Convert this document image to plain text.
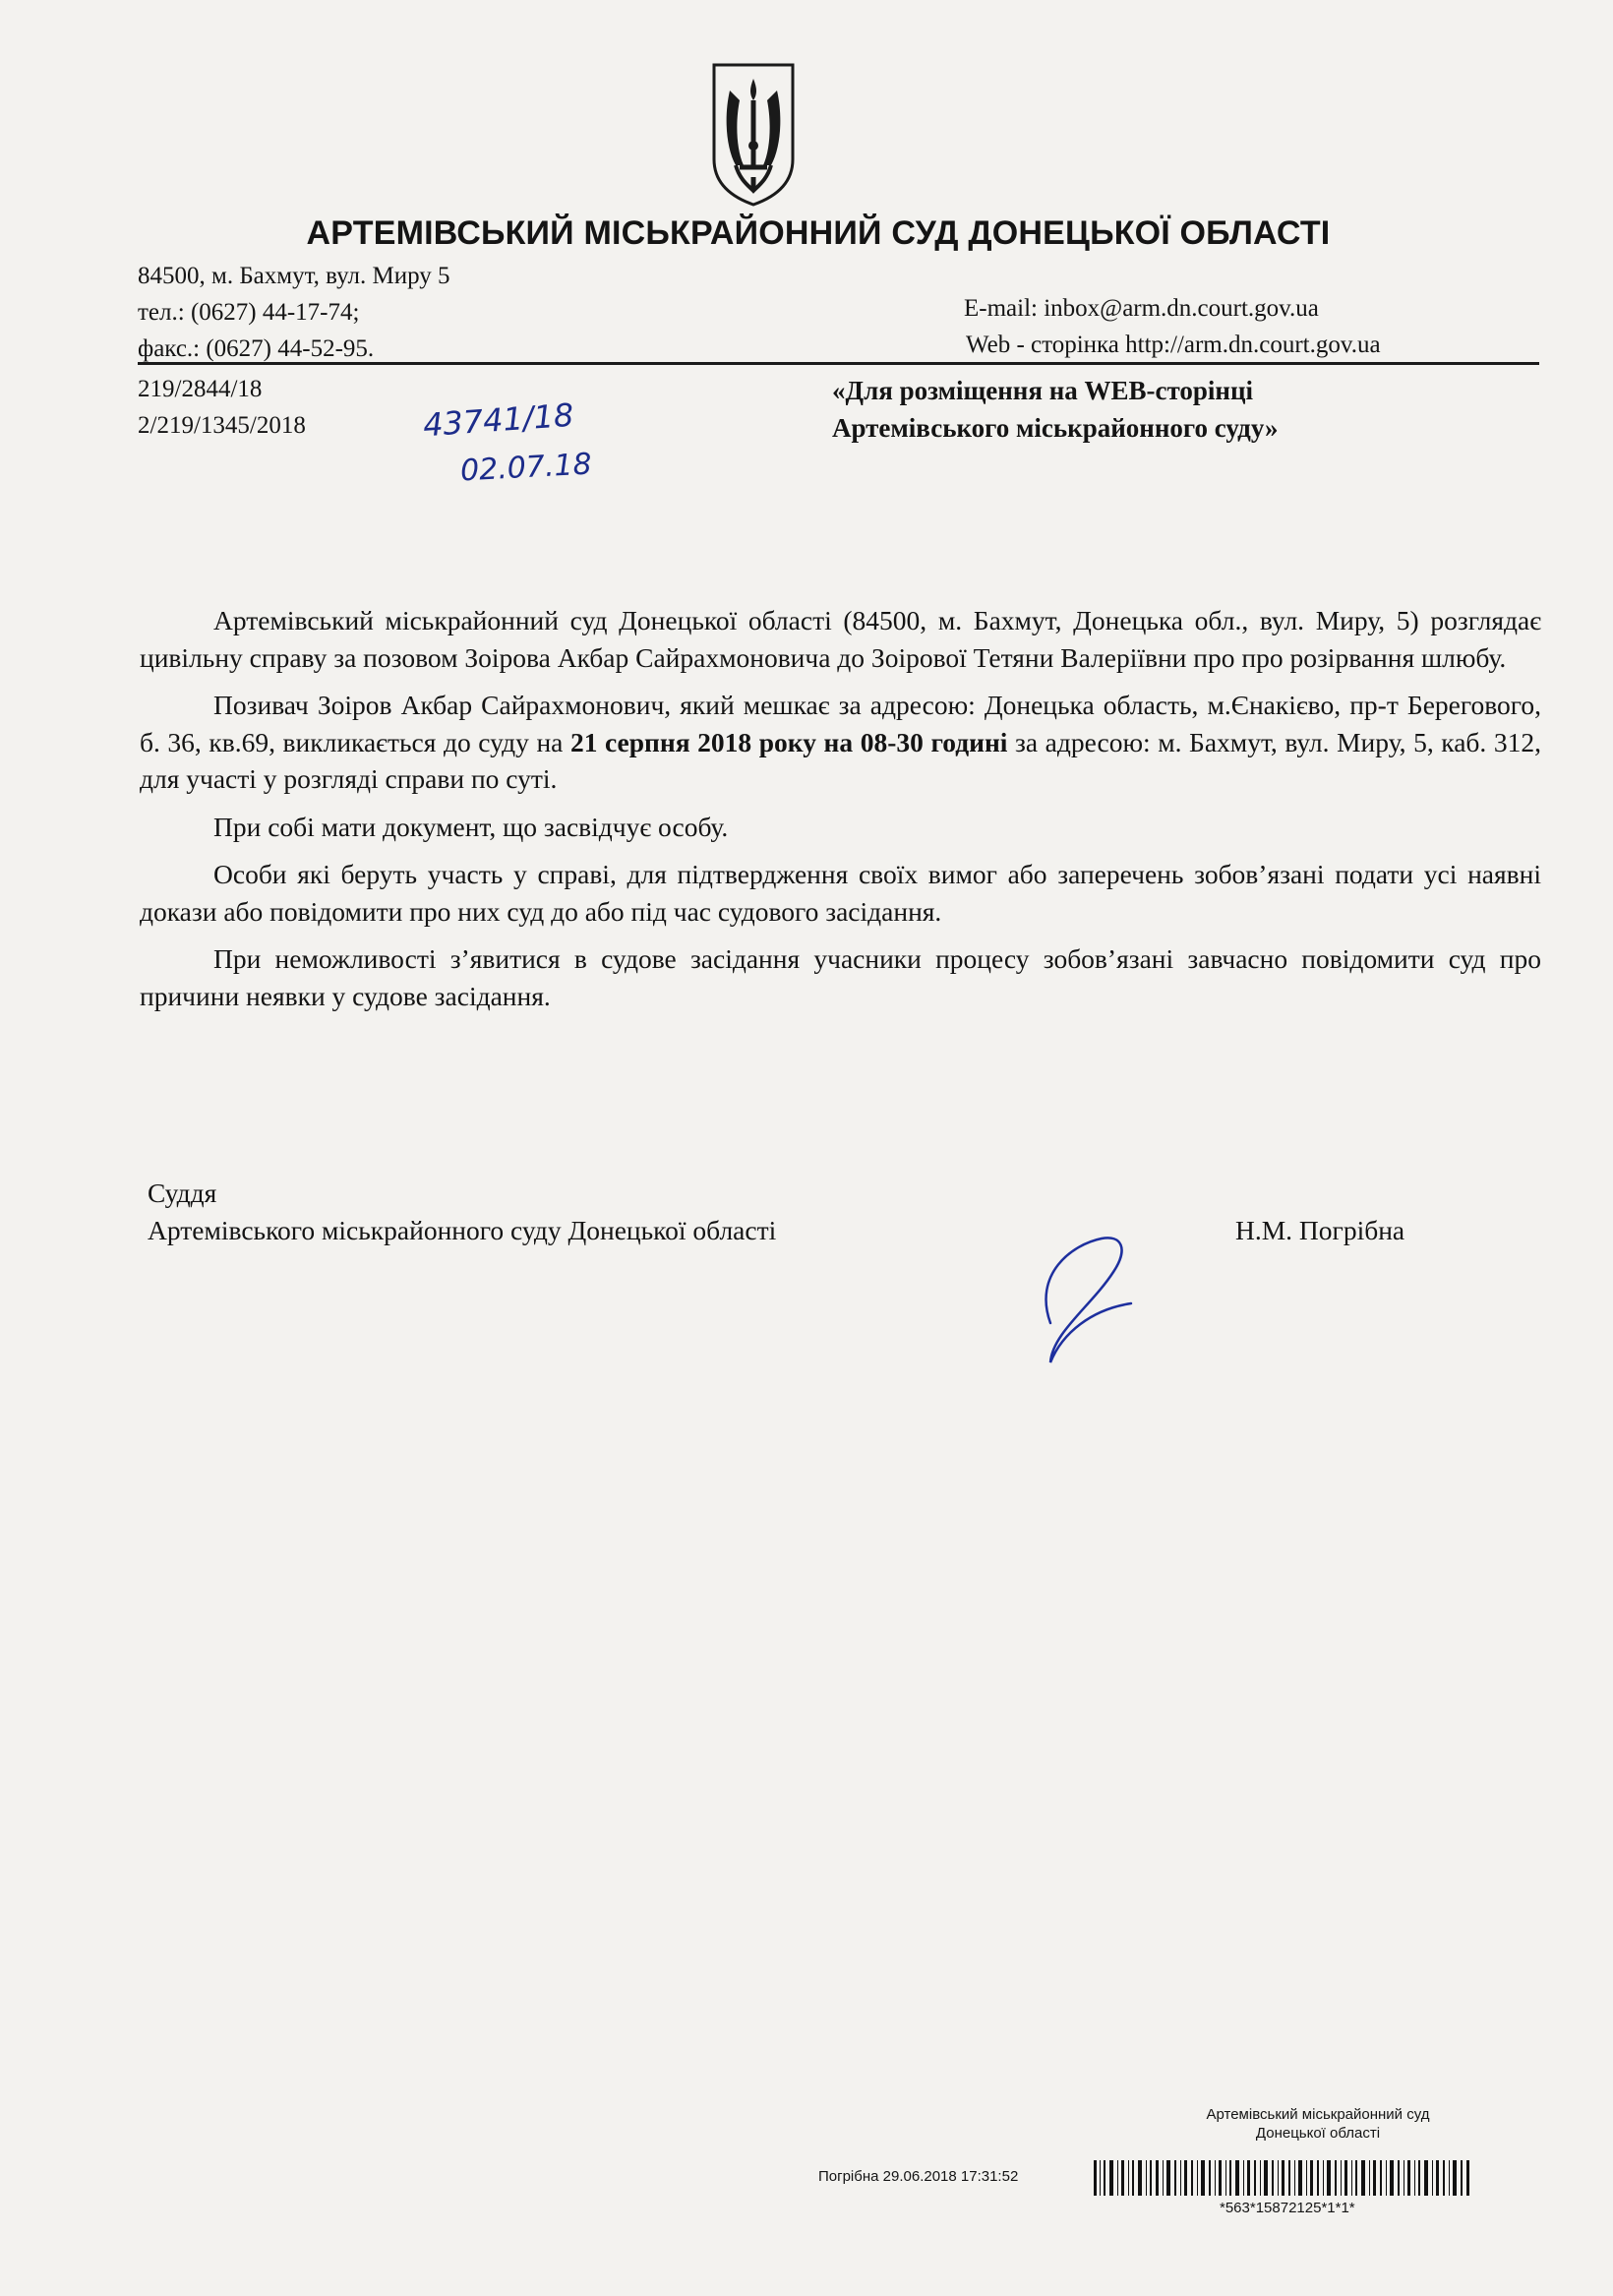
АРТЕМІВСЬКИЙ МІСЬКРАЙОННИЙ СУД ДОНЕЦЬКОЇ ОБЛАСТІ
84500, м. Бахмут, вул. Миру 5
тел.: (0627) 44-17-74;
факс.: (0627) 44-52-95.
E-mail: inbox@arm.dn.court.gov.ua
Web - сторінка http://arm.dn.court.gov.ua
219/2844/18
2/219/1345/2018	43741/18
02.07.18
«Для розміщення на WEB-сторінці
Артемівського міськрайонного суду»

Артемівський міськрайонний суд Донецької області (84500, м. Бахмут, Донецька обл., вул. Миру, 5) розглядає цивільну справу за позовом Зоірова Акбар Сайрахмоновича до Зоірової Тетяни Валеріївни про про розірвання шлюбу.

Позивач Зоіров Акбар Сайрахмонович, який мешкає за адресою: Донецька область, м.Єнакієво, пр-т Берегового, б. 36, кв.69, викликається до суду на 21 серпня 2018 року на 08-30 годині за адресою: м. Бахмут, вул. Миру, 5, каб. 312, для участі у розгляді справи по суті.

При собі мати документ, що засвідчує особу.

Особи які беруть участь у справі, для підтвердження своїх вимог або заперечень зобов’язані подати усі наявні докази або повідомити про них суд до або під час судового засідання.

При неможливості з’явитися в судове засідання учасники процесу зобов’язані завчасно повідомити суд про причини неявки у судове засідання.

Суддя
Артемівського міськрайонного суду Донецької області	Н.М. Погрібна
Артемівський міськрайонний суд
Донецької області
Погрібна 29.06.2018 17:31:52
*563*15872125*1*1*
